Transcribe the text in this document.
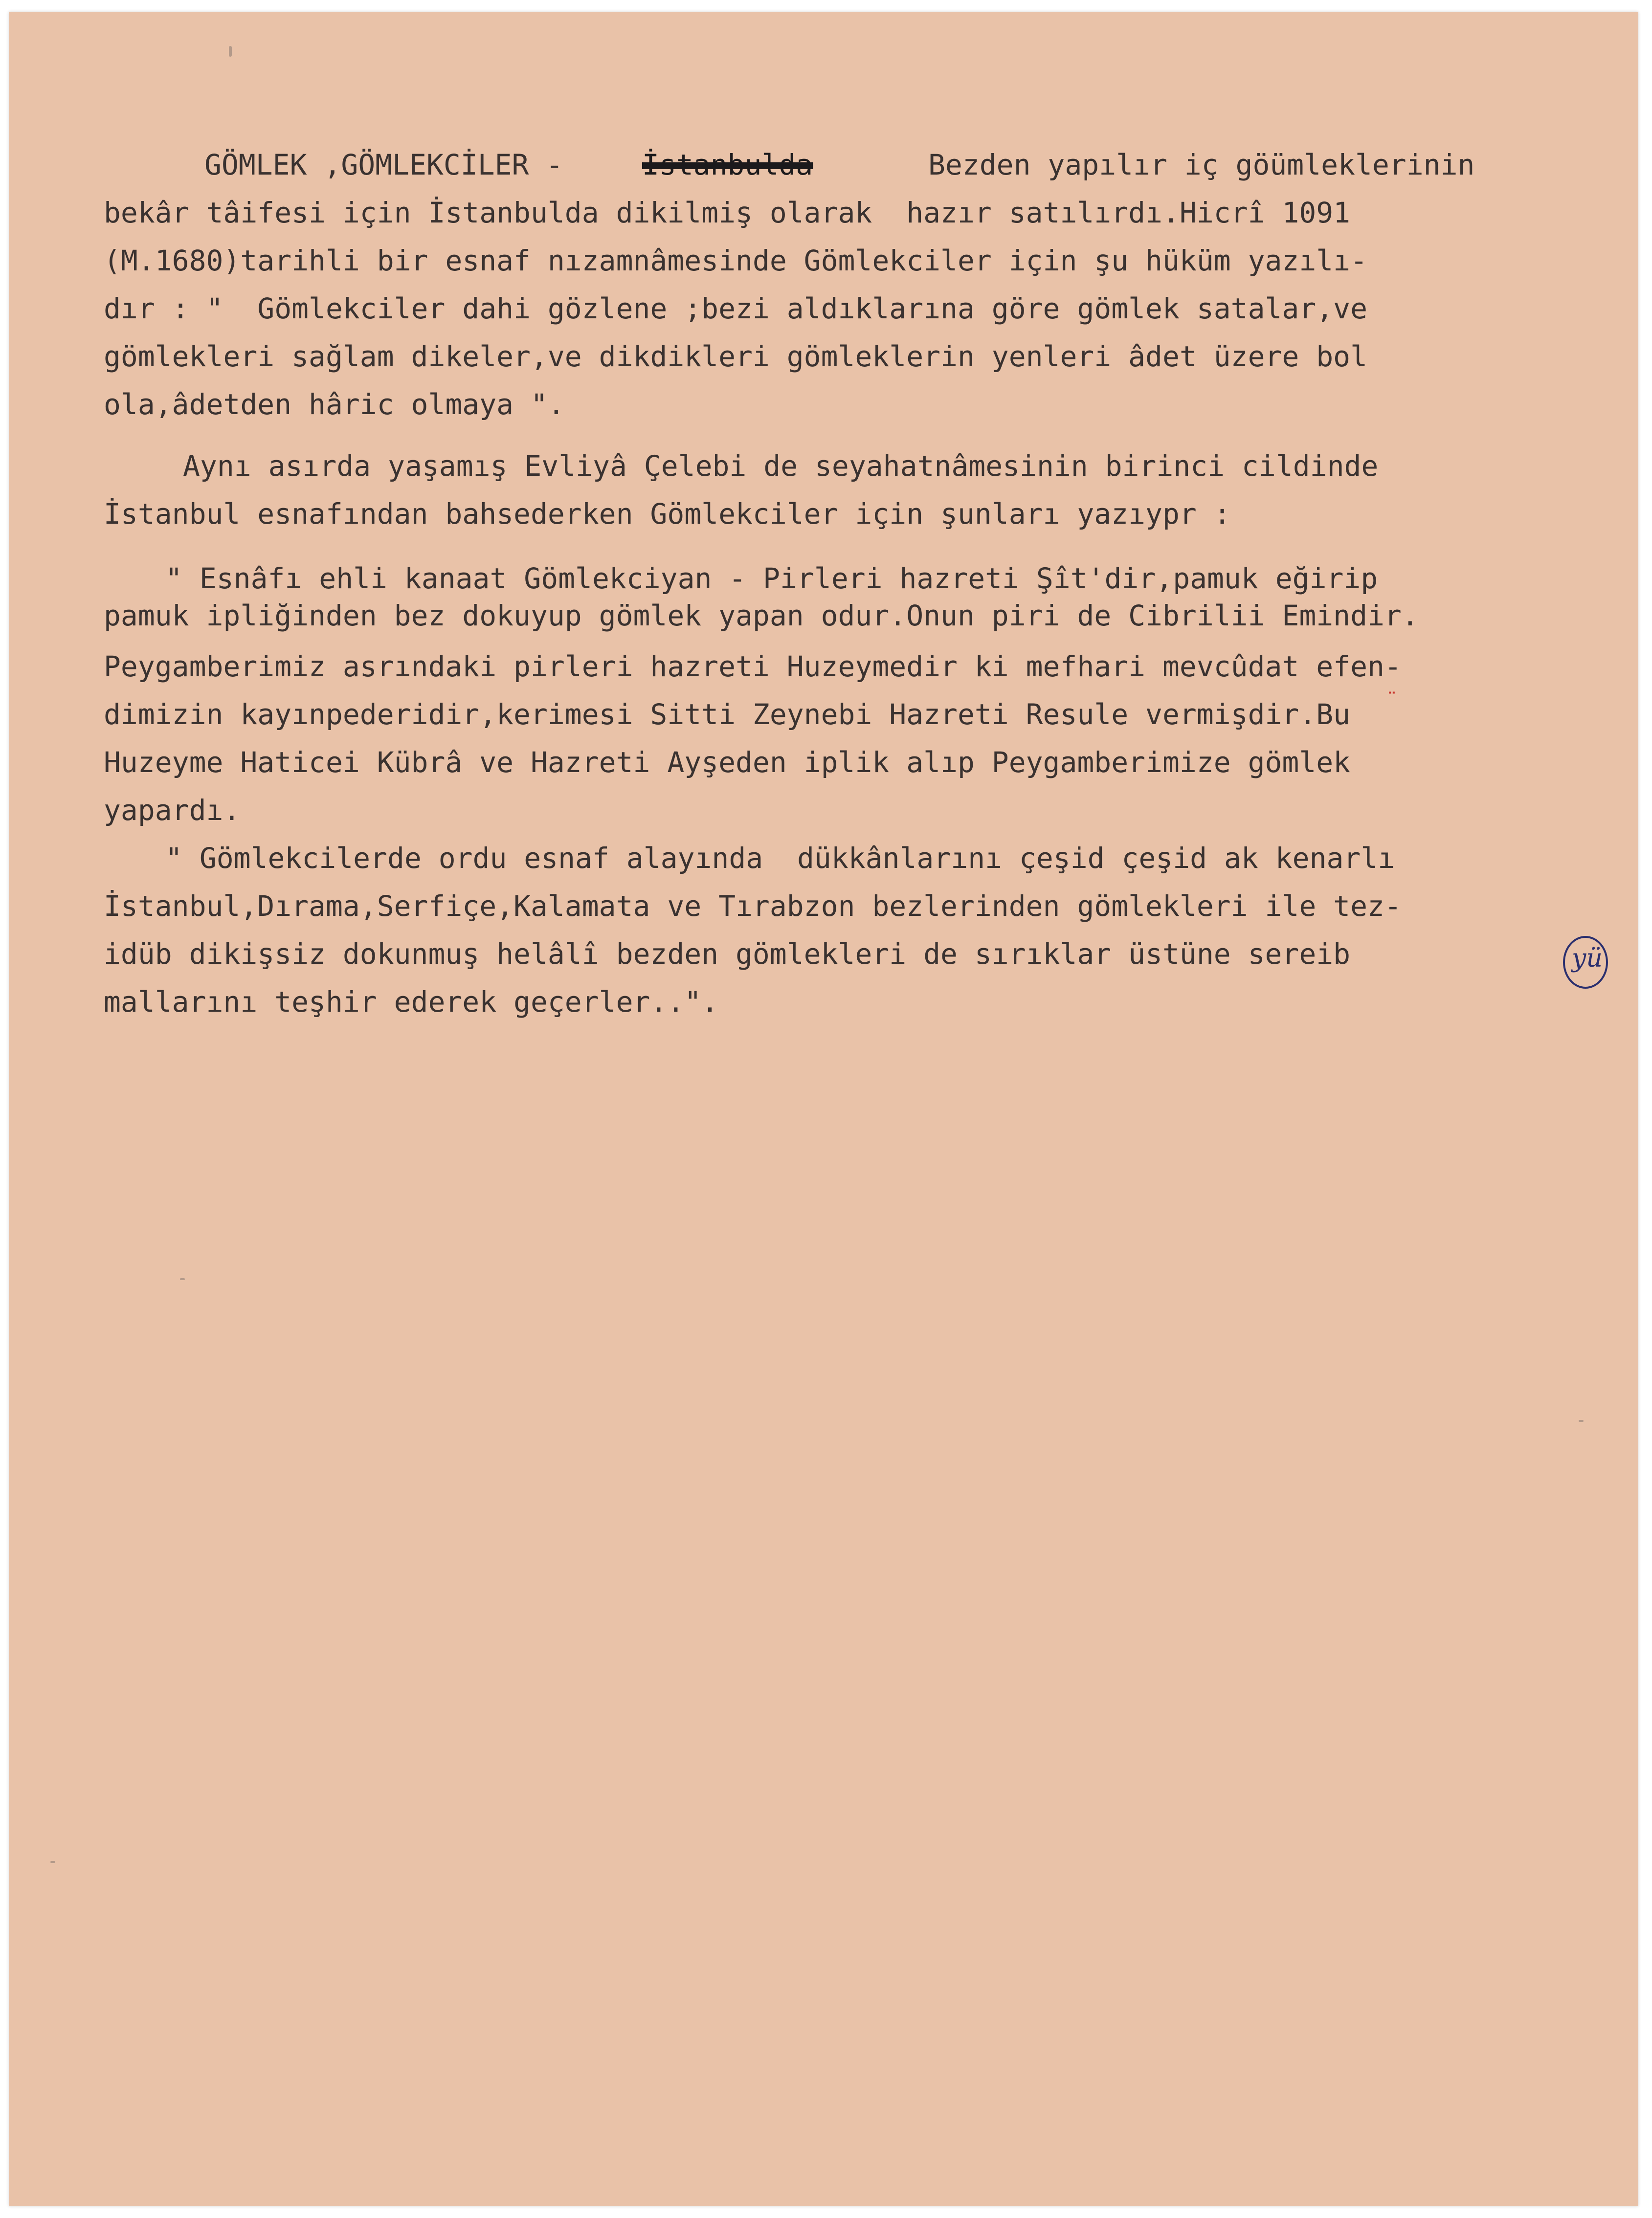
GÖMLEK ,GÖMLEKCİLER -	İstanbulda	Bezden yapılır iç göümleklerinin
bekâr tâifesi için İstanbulda dikilmiş olarak  hazır satılırdı.Hicrî 1091
(M.1680)tarihli bir esnaf nızamnâmesinde Gömlekciler için şu hüküm yazılı-
dır : "  Gömlekciler dahi gözlene ;bezi aldıklarına göre gömlek satalar,ve
gömlekleri sağlam dikeler,ve dikdikleri gömleklerin yenleri âdet üzere bol
ola,âdetden hâric olmaya ".
Aynı asırda yaşamış Evliyâ Çelebi de seyahatnâmesinin birinci cildinde
İstanbul esnafından bahsederken Gömlekciler için şunları yazıypr :
" Esnâfı ehli kanaat Gömlekciyan - Pirleri hazreti Şît'dir,pamuk eğirip
pamuk ipliğinden bez dokuyup gömlek yapan odur.Onun piri de Cibrilii Emindir.
Peygamberimiz asrındaki pirleri hazreti Huzeymedir ki mefhari mevcûdat efen-
dimizin kayınpederidir,kerimesi Sitti Zeynebi Hazreti Resule vermişdir.Bu ¨
Huzeyme Haticei Kübrâ ve Hazreti Ayşeden iplik alıp Peygamberimize gömlek
yapardı.
" Gömlekcilerde ordu esnaf alayında  dükkânlarını çeşid çeşid ak kenarlı
İstanbul,Dırama,Serfiçe,Kalamata ve Tırabzon bezlerinden gömlekleri ile tez-
idüb dikişsiz dokunmuş helâlî bezden gömlekleri de sırıklar üstüne sereib
mallarını teşhir ederek geçerler..".
yü
